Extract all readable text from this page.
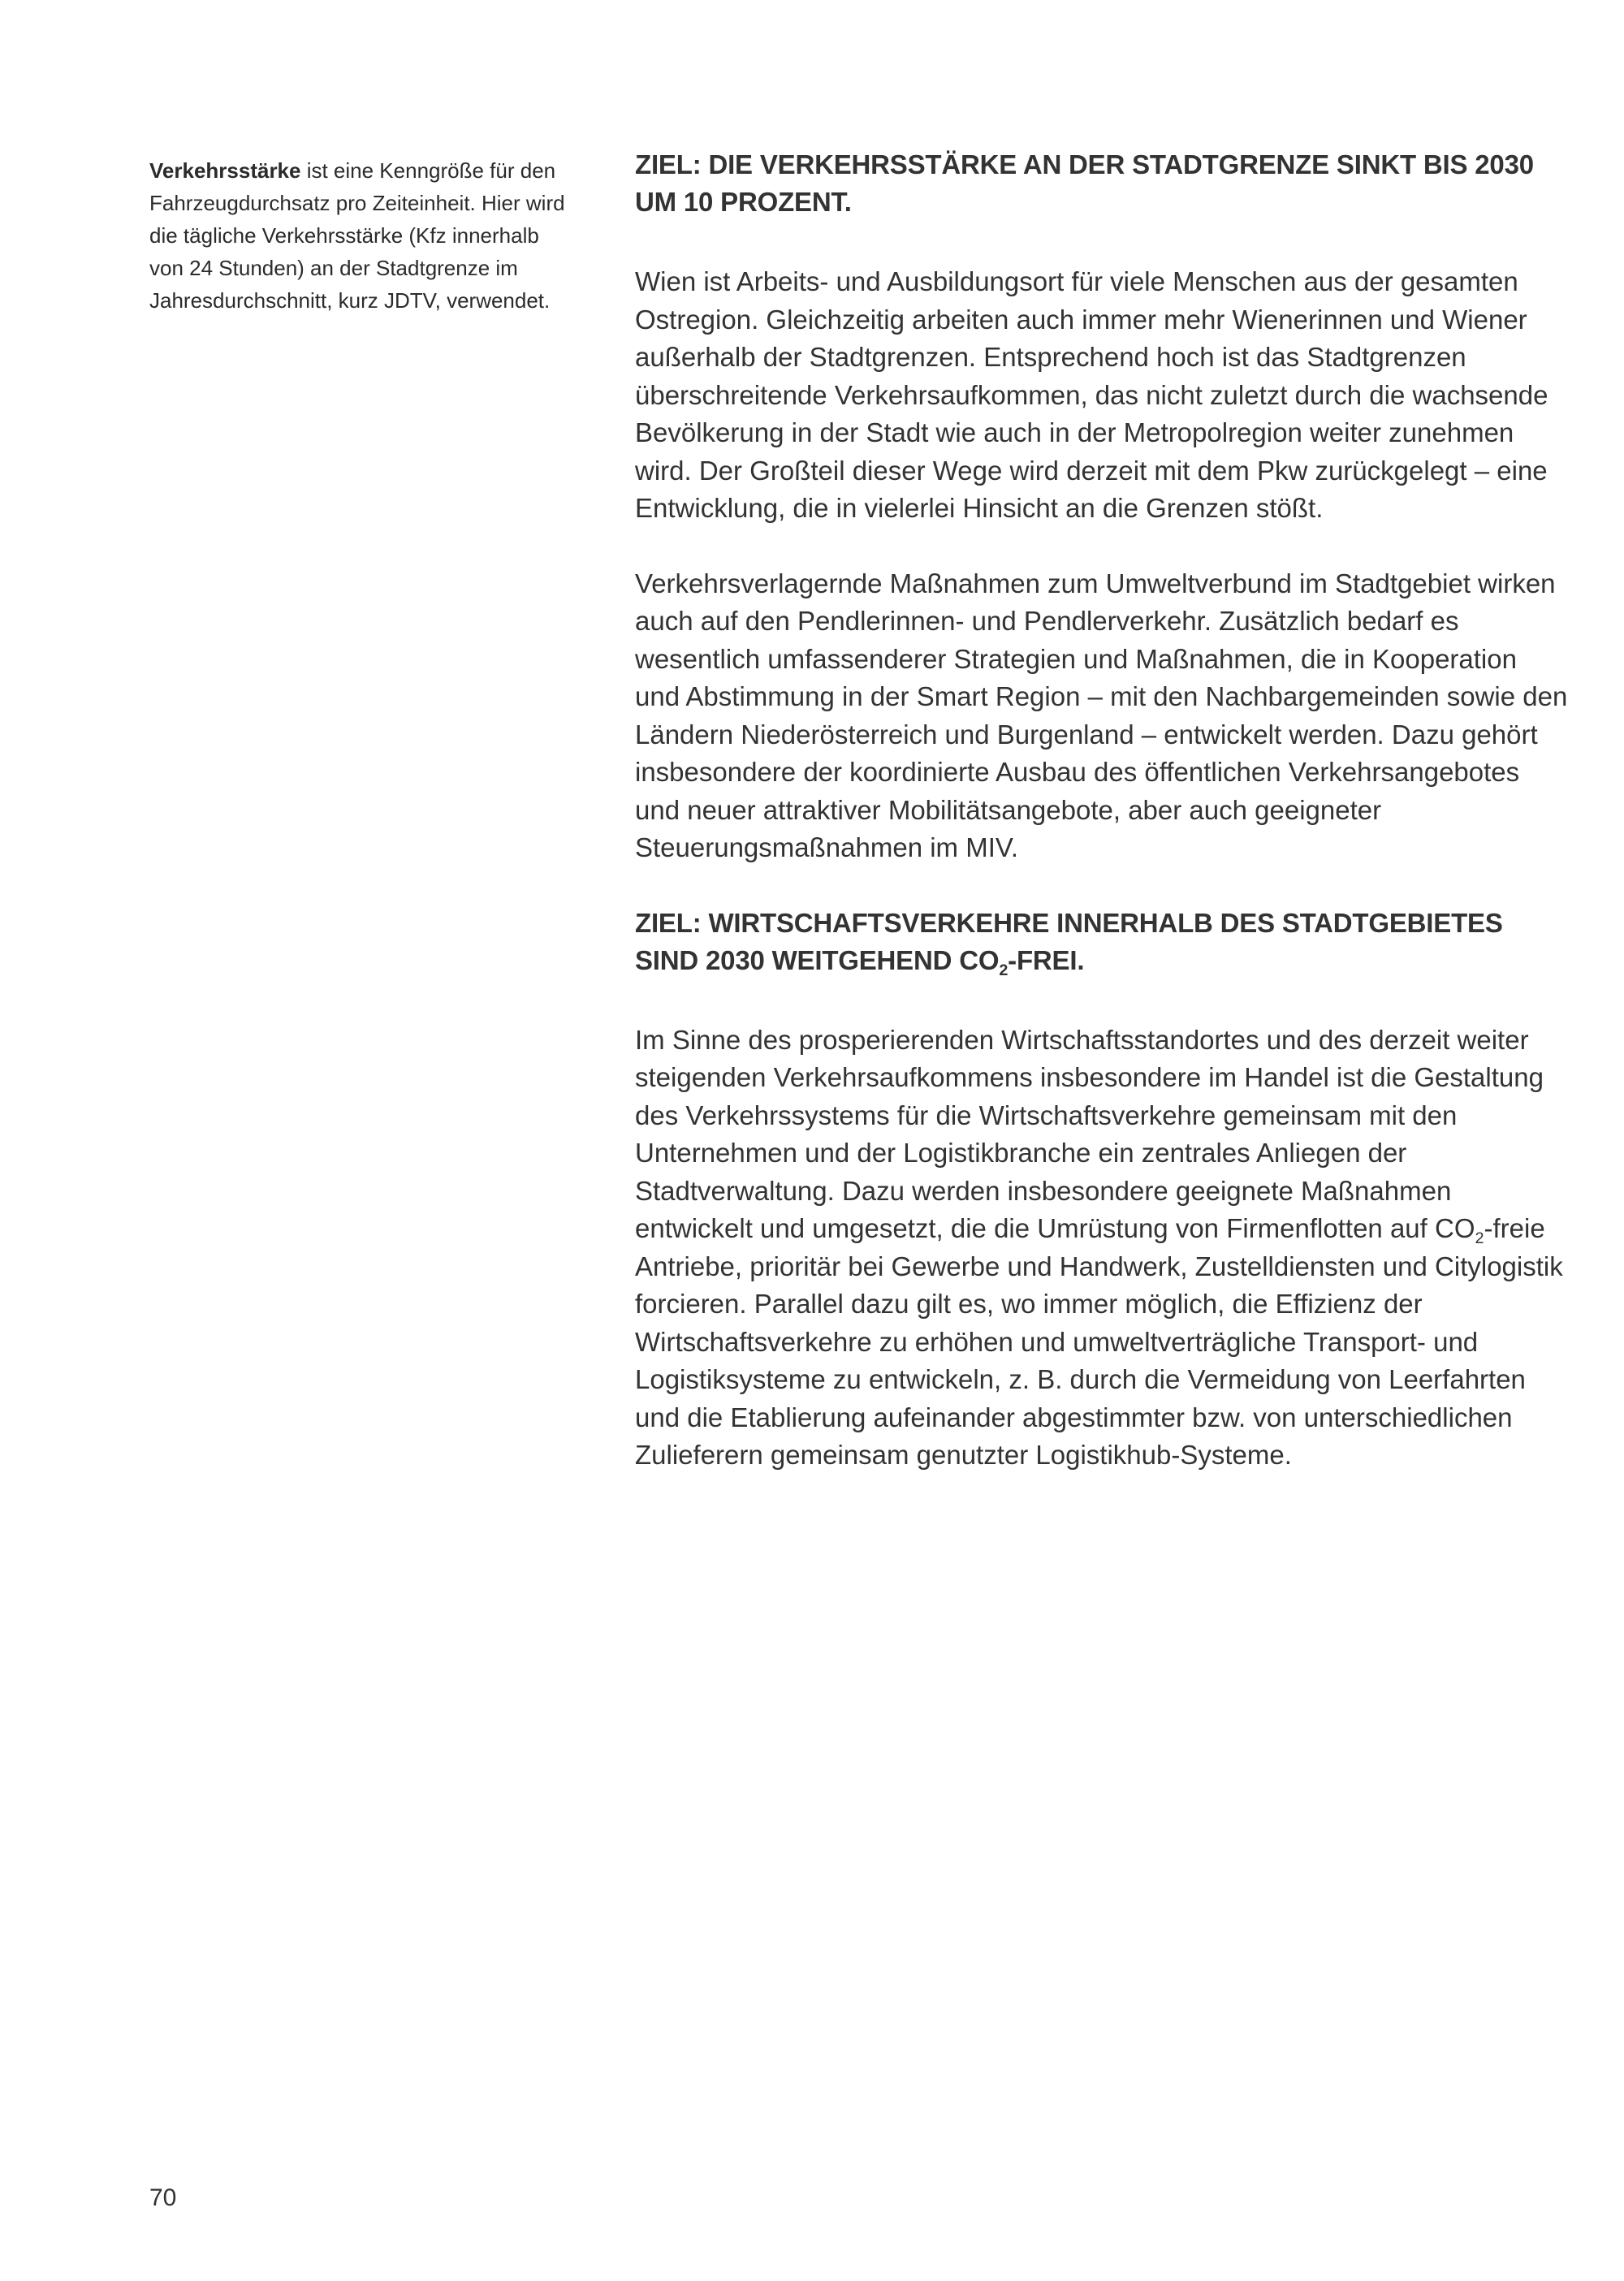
Verkehrsstärke ist eine Kenngröße für den Fahrzeugdurchsatz pro Zeiteinheit. Hier wird die tägliche Verkehrsstärke (Kfz innerhalb von 24 Stunden) an der Stadtgrenze im Jahresdurchschnitt, kurz JDTV, verwendet.
ZIEL: DIE VERKEHRSSTÄRKE AN DER STADTGRENZE SINKT BIS 2030 UM 10 PROZENT.

Wien ist Arbeits- und Ausbildungsort für viele Menschen aus der gesamten Ostregion. Gleichzeitig arbeiten auch immer mehr Wienerinnen und Wiener außerhalb der Stadtgrenzen. Entsprechend hoch ist das Stadtgrenzen überschreitende Verkehrsaufkommen, das nicht zuletzt durch die wachsende Bevölkerung in der Stadt wie auch in der Metropolregion weiter zunehmen wird. Der Großteil dieser Wege wird derzeit mit dem Pkw zurückgelegt – eine Entwicklung, die in vielerlei Hinsicht an die Grenzen stößt.

Verkehrsverlagernde Maßnahmen zum Umweltverbund im Stadtgebiet wirken auch auf den Pendlerinnen- und Pendlerverkehr. Zusätzlich bedarf es wesentlich umfassenderer Strategien und Maßnahmen, die in Kooperation und Abstimmung in der Smart Region – mit den Nachbargemeinden sowie den Ländern Niederösterreich und Burgenland – entwickelt werden. Dazu gehört insbesondere der koordinierte Ausbau des öffentlichen Verkehrsangebotes und neuer attraktiver Mobilitätsangebote, aber auch geeigneter Steuerungsmaßnahmen im MIV.

ZIEL: WIRTSCHAFTSVERKEHRE INNERHALB DES STADTGEBIETES SIND 2030 WEITGEHEND $CO_2$-FREI.

Im Sinne des prosperierenden Wirtschaftsstandortes und des derzeit weiter steigenden Verkehrsaufkommens insbesondere im Handel ist die Gestaltung des Verkehrssystems für die Wirtschaftsverkehre gemeinsam mit den Unternehmen und der Logistikbranche ein zentrales Anliegen der Stadtverwaltung. Dazu werden insbesondere geeignete Maßnahmen entwickelt und umgesetzt, die die Umrüstung von Firmenflotten auf $CO_2$-freie Antriebe, prioritär bei Gewerbe und Handwerk, Zustelldiensten und Citylogistik forcieren. Parallel dazu gilt es, wo immer möglich, die Effizienz der Wirtschaftsverkehre zu erhöhen und umweltverträgliche Transport- und Logistiksysteme zu entwickeln, z. B. durch die Vermeidung von Leerfahrten und die Etablierung aufeinander abgestimmter bzw. von unterschiedlichen Zulieferern gemeinsam genutzter Logistikhub-Systeme.

70
